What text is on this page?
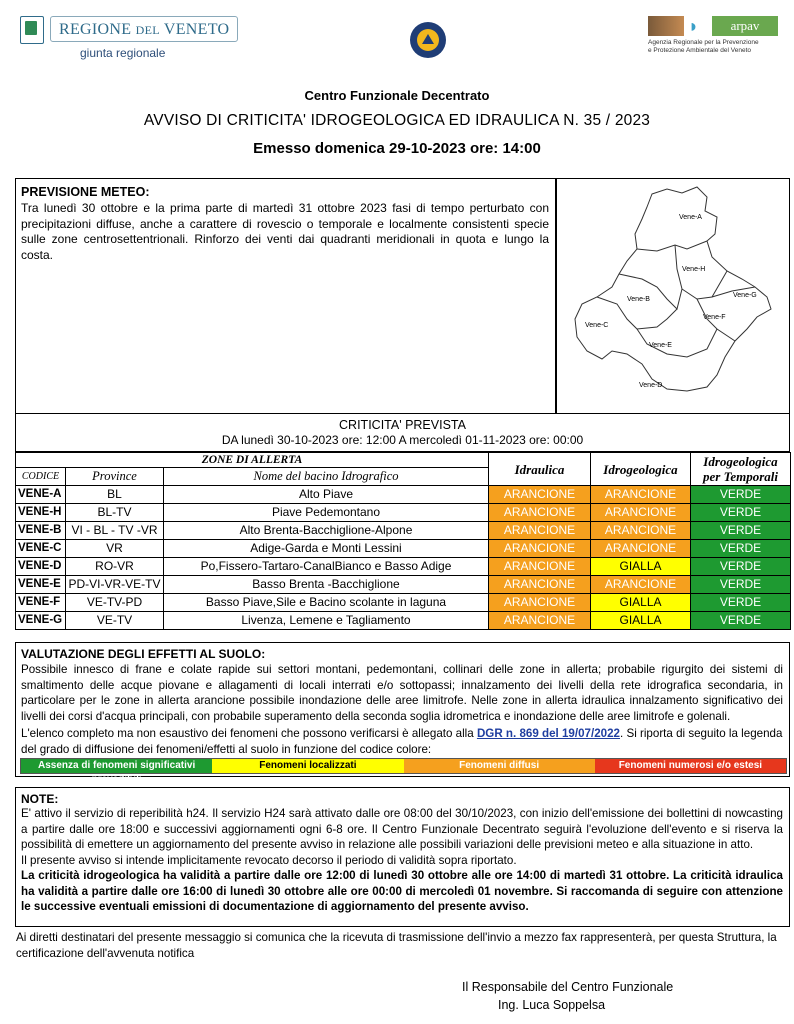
REGIONE DEL VENETO
giunta regionale
◗	arpav
Agenzia Regionale per la Prevenzione
e Protezione Ambientale del Veneto
Centro Funzionale Decentrato
AVVISO DI CRITICITA' IDROGEOLOGICA ED IDRAULICA N. 35 / 2023
Emesso domenica 29-10-2023 ore: 14:00
PREVISIONE METEO:
Tra lunedì 30 ottobre e la prima parte di martedì 31 ottobre 2023 fasi di tempo perturbato con precipitazioni diffuse, anche a carattere di rovescio o temporale e localmente consistenti specie sulle zone centrosettentrionali. Rinforzo dei venti dai quadranti meridionali in quota e lungo la costa.
Vene-A
Vene-H
Vene-B
Vene-G
Vene-F
Vene-C
Vene-E
Vene-D
CRITICITA' PREVISTA
DA lunedì 30-10-2023 ore: 12:00 A mercoledì 01-11-2023 ore: 00:00
ZONE DI ALLERTA			Idraulica	Idrogeologica	Idrogeologica
per Temporali

CODICE	Province	Nome del bacino Idrografico			
VENE-A	BL	Alto Piave	ARANCIONE	ARANCIONE	VERDE
VENE-H	BL-TV	Piave Pedemontano	ARANCIONE	ARANCIONE	VERDE
VENE-B	VI - BL - TV -VR	Alto Brenta-Bacchiglione-Alpone	ARANCIONE	ARANCIONE	VERDE
VENE-C	VR	Adige-Garda e Monti Lessini	ARANCIONE	ARANCIONE	VERDE
VENE-D	RO-VR	Po,Fissero-Tartaro-CanalBianco e Basso Adige	ARANCIONE	GIALLA	VERDE
VENE-E	PD-VI-VR-VE-TV	Basso Brenta -Bacchiglione	ARANCIONE	ARANCIONE	VERDE
VENE-F	VE-TV-PD	Basso Piave,Sile e Bacino scolante in laguna	ARANCIONE	GIALLA	VERDE
VENE-G	VE-TV	Livenza, Lemene e Tagliamento	ARANCIONE	GIALLA	VERDE
VALUTAZIONE DEGLI EFFETTI AL SUOLO:
Possibile innesco di frane e colate rapide sui settori montani, pedemontani, collinari delle zone in allerta; probabile rigurgito dei sistemi di smaltimento delle acque piovane e allagamenti di locali interrati e/o sottopassi; innalzamento dei livelli della rete idrografica secondaria, in particolare per le zone in allerta arancione possibile inondazione delle aree limitrofe. Nelle zone in allerta idraulica innalzamento significativo dei livelli dei corsi d'acqua principali, con probabile superamento della seconda soglia idrometrica e inondazione delle aree limitrofe e golenali.
L'elenco completo ma non esaustivo dei fenomeni che possono verificarsi è allegato alla DGR n. 869 del 19/07/2022. Si riporta di seguito la legenda del grado di diffusione dei fenomeni/effetti al suolo in funzione del codice colore:
Assenza di fenomeni significativi prevedibili
Fenomeni localizzati	Fenomeni diffusi	Fenomeni numerosi e/o estesi
NOTE:
E' attivo il servizio di reperibilità h24. Il servizio H24 sarà attivato dalle ore 08:00 del 30/10/2023, con inizio dell'emissione dei bollettini di nowcasting a partire dalle ore 18:00 e successivi aggiornamenti ogni 6-8 ore. Il Centro Funzionale Decentrato seguirà l'evoluzione dell'evento e si riserva la possibilità di emettere un aggiornamento del presente avviso in relazione alle possibili variazioni delle previsioni meteo e alla situazione in atto.
Il presente avviso si intende implicitamente revocato decorso il periodo di validità sopra riportato.
La criticità idrogeologica ha validità a partire dalle ore 12:00 di lunedì 30 ottobre alle ore 14:00 di martedì 31 ottobre. La criticità idraulica ha validità a partire dalle ore 16:00 di lunedì 30 ottobre alle ore 00:00 di mercoledì 01 novembre. Si raccomanda di seguire con attenzione le successive eventuali emissioni di documentazione di aggiornamento del presente avviso.
Ai diretti destinatari del presente messaggio si comunica che la ricevuta di trasmissione dell'invio a mezzo fax rappresenterà, per questa Struttura, la certificazione dell'avvenuta notifica
Il Responsabile del Centro Funzionale
Ing. Luca Soppelsa
